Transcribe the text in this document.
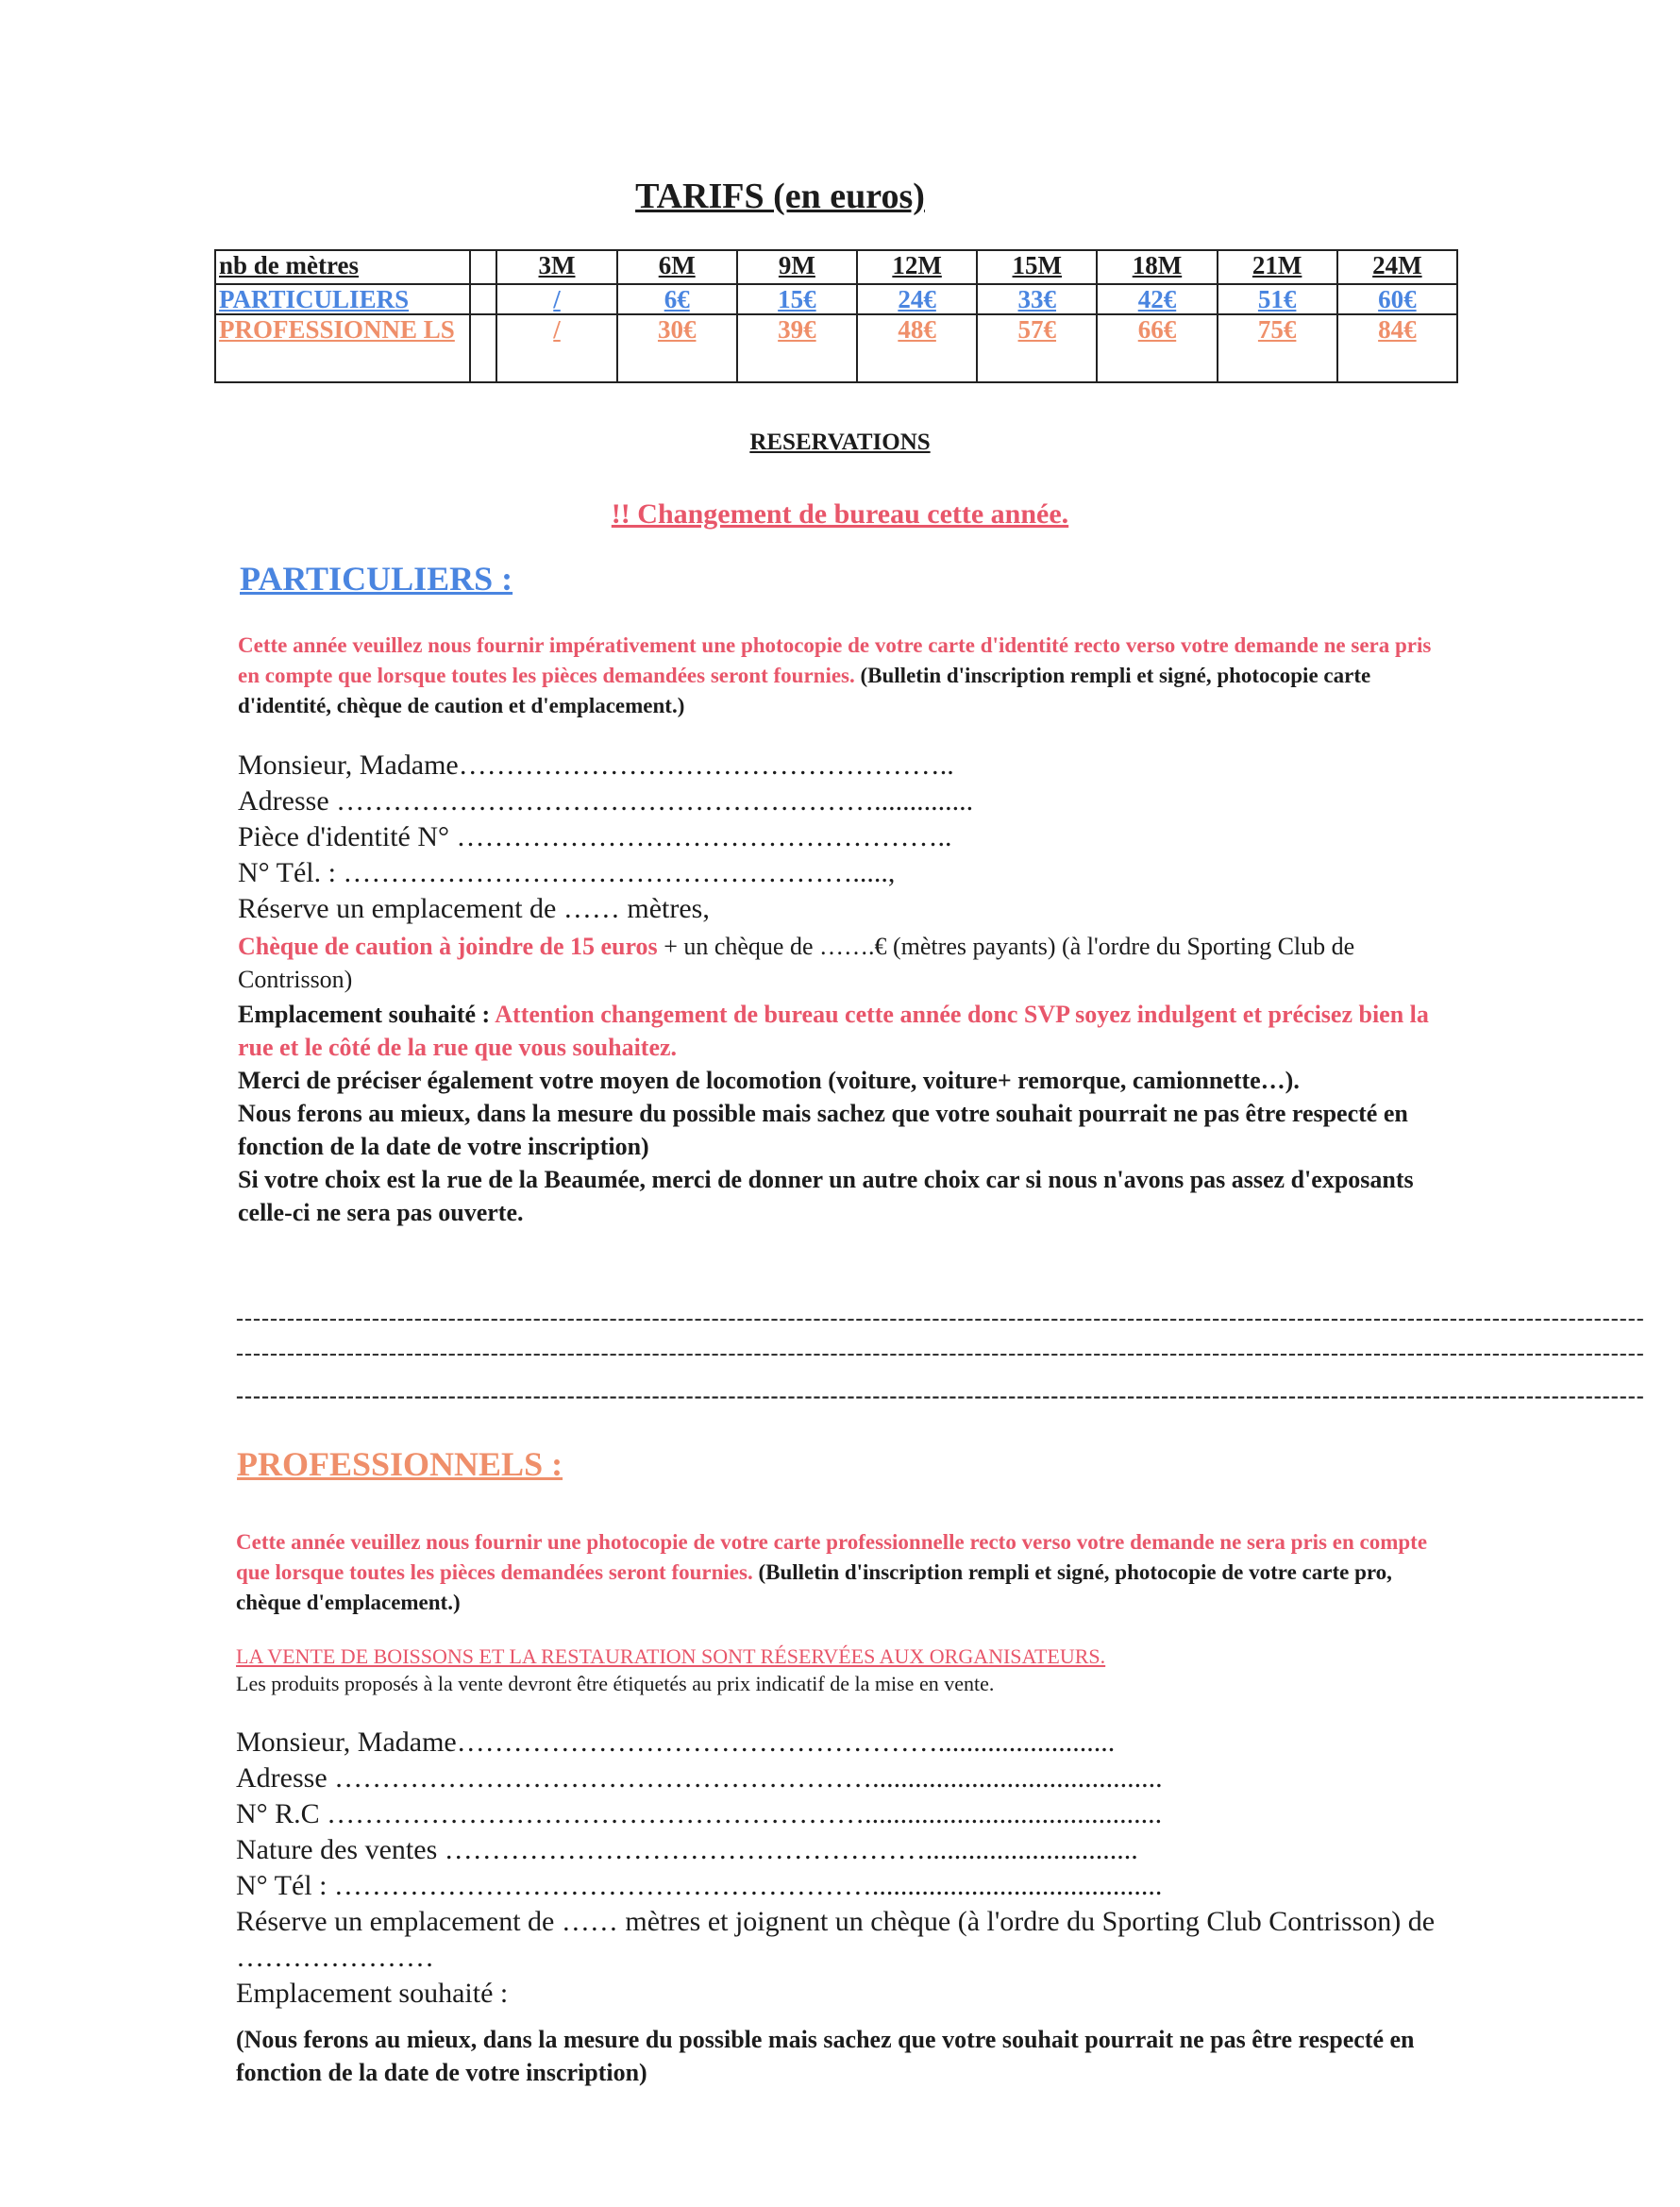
TARIFS (en euros)
nb de mètres		3M	6M	9M	12M	15M	18M	21M	24M
PARTICULIERS		/	6€	15€	24€	33€	42€	51€	60€
PROFESSIONNE LS		/	30€	39€	48€	57€	66€	75€	84€
RESERVATIONS
!! Changement de bureau cette année.
PARTICULIERS :
Cette année veuillez nous fournir impérativement une photocopie de votre carte d'identité recto verso votre demande ne sera pris en compte que lorsque toutes les pièces demandées seront fournies. (Bulletin d'inscription rempli et signé, photocopie carte d'identité, chèque de caution et d'emplacement.)
Monsieur, Madame……………………………………………..
Adresse …………………………………………………..............
Pièce d'identité N° ……………………………………………..
N° Tél. : ……………………………………………….....,
Réserve un emplacement de …… mètres,
Chèque de caution à joindre de 15 euros + un chèque de …….€ (mètres payants) (à l'ordre du Sporting Club de Contrisson)
Emplacement souhaité : Attention changement de bureau cette année donc SVP soyez indulgent et précisez bien la rue et le côté de la rue que vous souhaitez.
Merci de préciser également votre moyen de locomotion (voiture, voiture+ remorque, camionnette…).
Nous ferons au mieux, dans la mesure du possible mais sachez que votre souhait pourrait ne pas être respecté en fonction de la date de votre inscription)
Si votre choix est la rue de la Beaumée, merci de donner un autre choix car si nous n'avons pas assez d'exposants celle-ci ne sera pas ouverte.
----------------------------------------------------------------------------------------------------------------------------------------------------------------------
----------------------------------------------------------------------------------------------------------------------------------------------------------------------
----------------------------------------------------------------------------------------------------------------------------------------------------------------------
PROFESSIONNELS :
Cette année veuillez nous fournir une photocopie de votre carte professionnelle recto verso votre demande ne sera pris en compte que lorsque toutes les pièces demandées seront fournies. (Bulletin d'inscription rempli et signé, photocopie de votre carte pro, chèque d'emplacement.)
LA VENTE DE BOISSONS ET LA RESTAURATION SONT RÉSERVÉES AUX ORGANISATEURS.
Les produits proposés à la vente devront être étiquetés au prix indicatif de la mise en vente.
Monsieur, Madame…………………………………………….........................
Adresse ………………………………………………….........................................
N° R.C …………………………………………………..........................................
Nature des ventes ……………………………………………..............................
N° Tél : ………………………………………………….........................................
Réserve un emplacement de …… mètres et joignent un chèque (à l'ordre du Sporting Club Contrisson) de …………………
Emplacement souhaité :
(Nous ferons au mieux, dans la mesure du possible mais sachez que votre souhait pourrait ne pas être respecté en fonction de la date de votre inscription)
